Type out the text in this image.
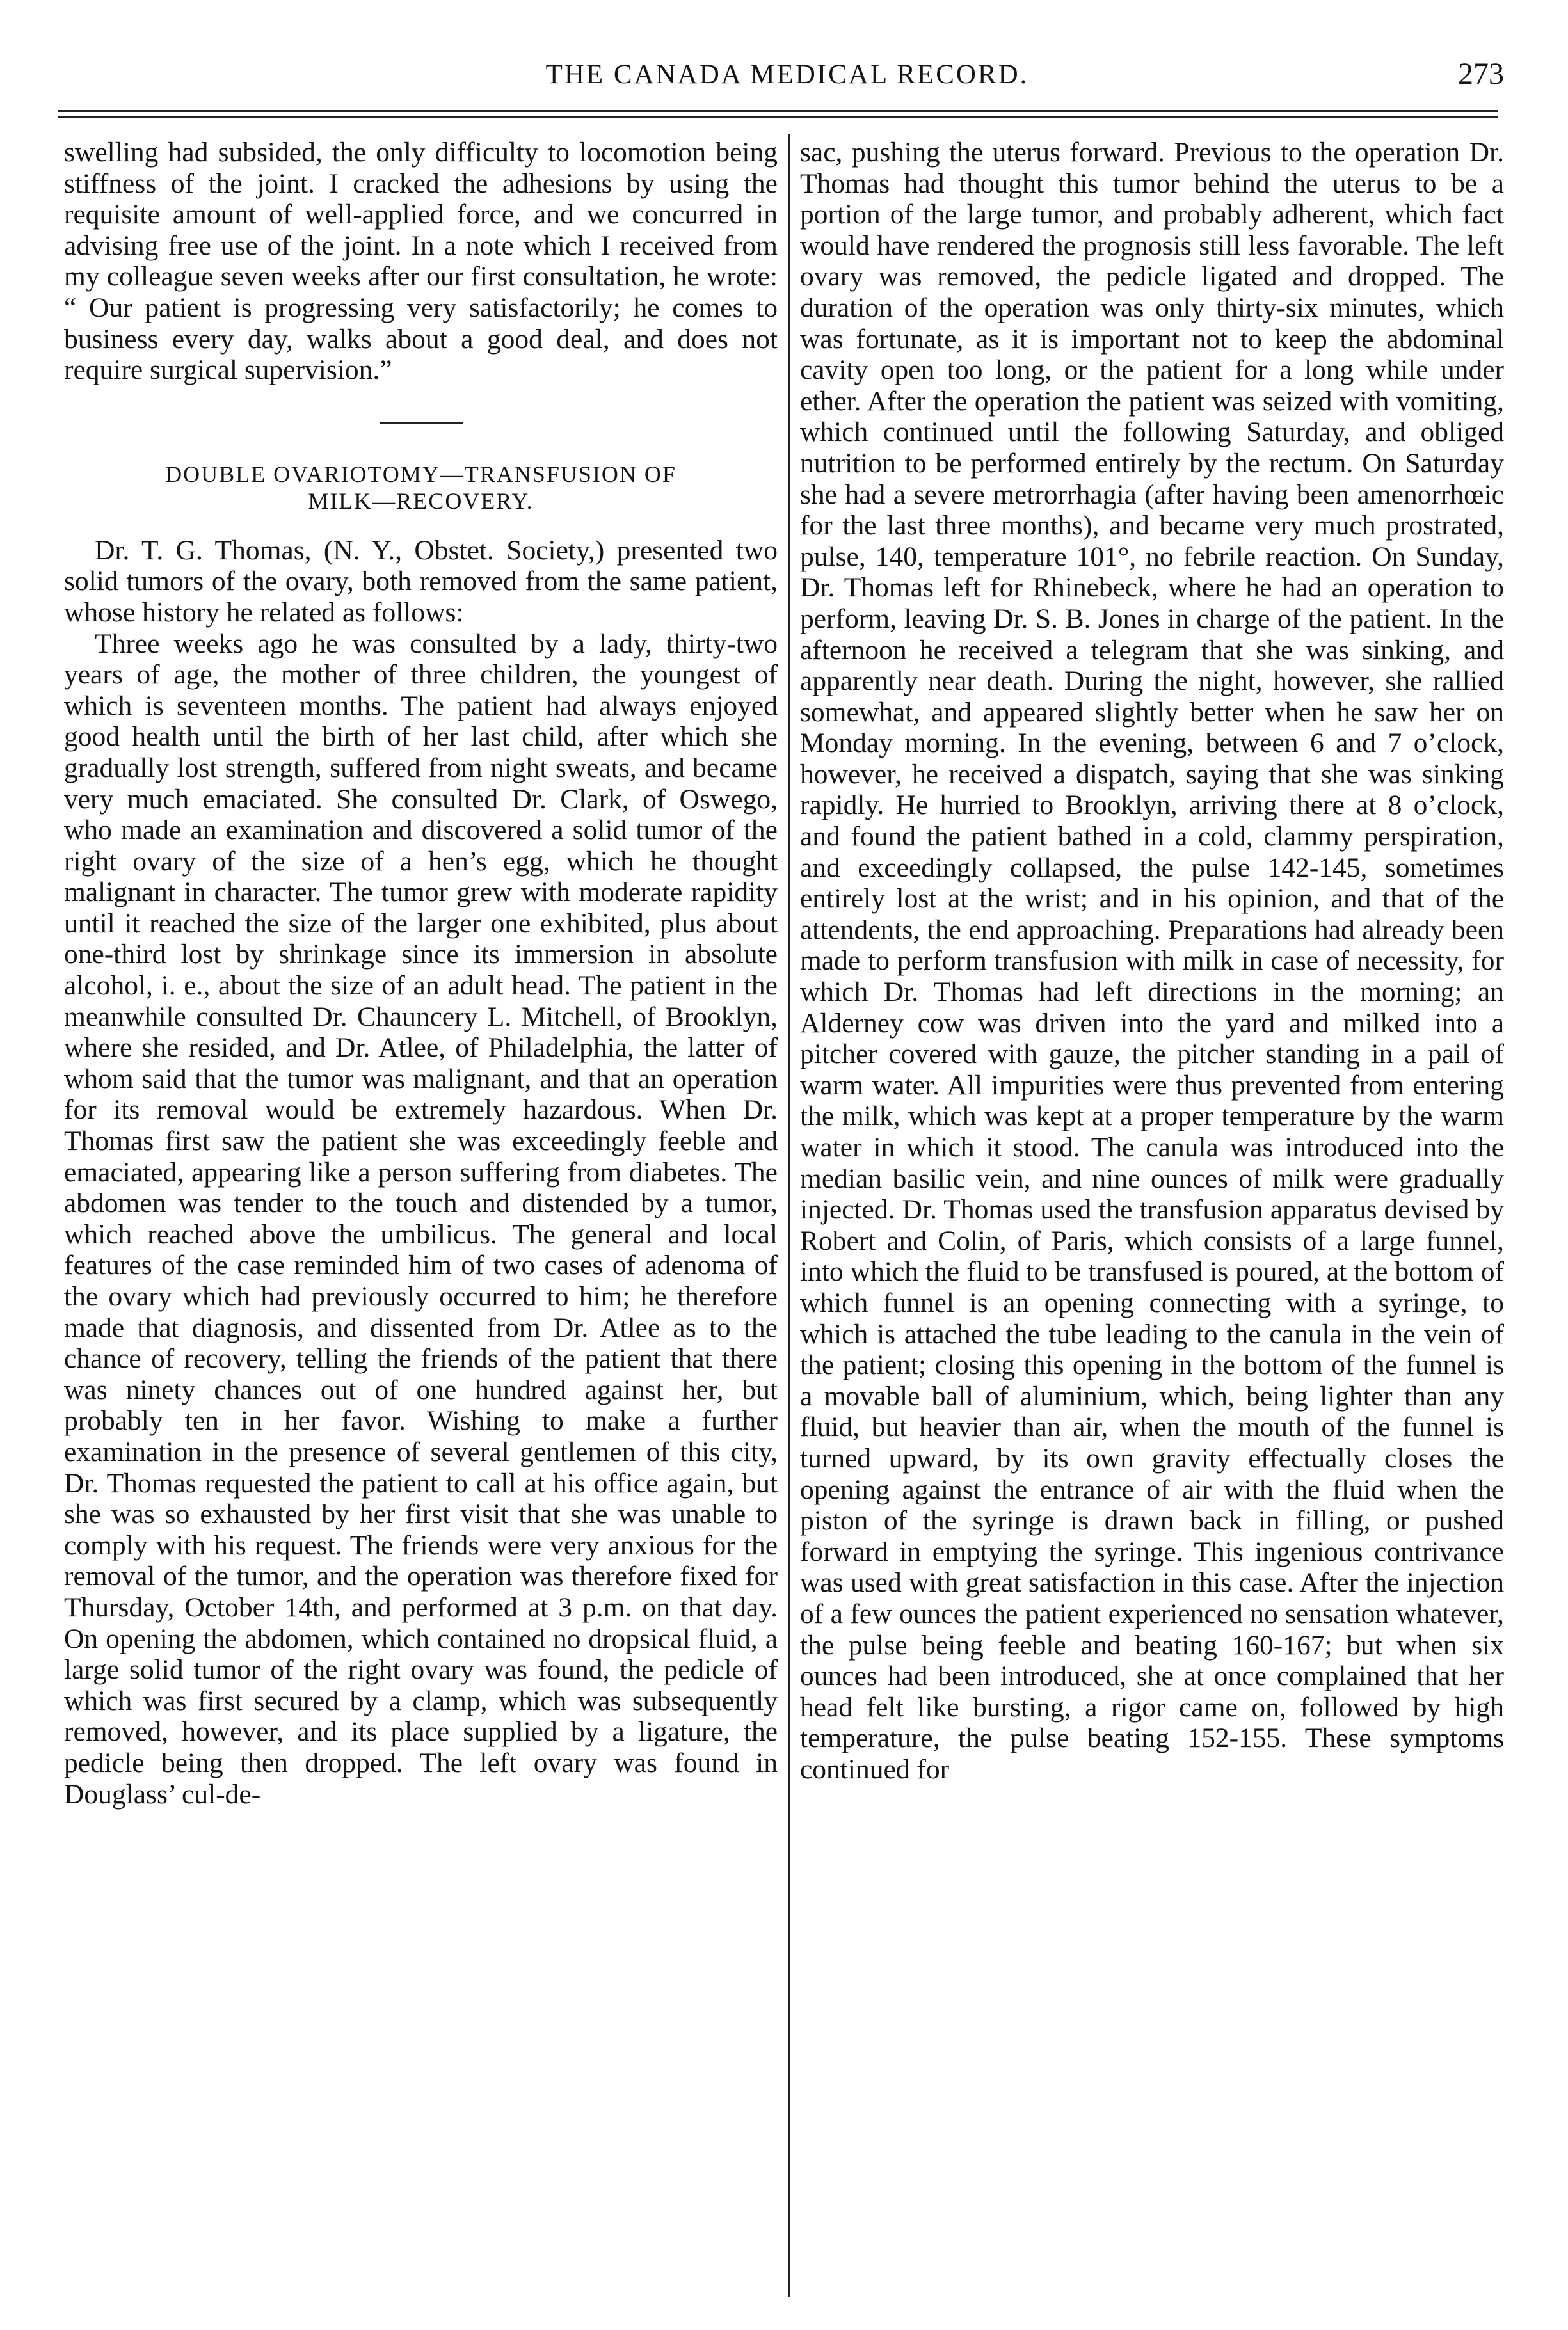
THE CANADA MEDICAL RECORD.	273

swelling had subsided, the only difficulty to locomotion being stiffness of the joint. I cracked the adhesions by using the requisite amount of well-applied force, and we concurred in advising free use of the joint. In a note which I received from my colleague seven weeks after our first consultation, he wrote: “ Our patient is progressing very satisfactorily; he comes to business every day, walks about a good deal, and does not require surgical supervision.”

DOUBLE OVARIOTOMY—TRANSFUSION OF
MILK—RECOVERY.

Dr. T. G. Thomas, (N. Y., Obstet. Society,) presented two solid tumors of the ovary, both removed from the same patient, whose history he related as follows:

Three weeks ago he was consulted by a lady, thirty-two years of age, the mother of three children, the youngest of which is seventeen months. The patient had always enjoyed good health until the birth of her last child, after which she gradually lost strength, suffered from night sweats, and became very much emaciated. She consulted Dr. Clark, of Oswego, who made an examination and discovered a solid tumor of the right ovary of the size of a hen’s egg, which he thought malignant in character. The tumor grew with moderate rapidity until it reached the size of the larger one exhibited, plus about one-third lost by shrinkage since its immersion in absolute alcohol, i. e., about the size of an adult head. The patient in the meanwhile consulted Dr. Chauncery L. Mitchell, of Brooklyn, where she resided, and Dr. Atlee, of Philadelphia, the latter of whom said that the tumor was malignant, and that an operation for its removal would be extremely hazardous. When Dr. Thomas first saw the patient she was exceedingly feeble and emaciated, appearing like a person suffering from diabetes. The abdomen was tender to the touch and distended by a tumor, which reached above the umbilicus. The general and local features of the case reminded him of two cases of adenoma of the ovary which had previously occurred to him; he therefore made that diagnosis, and dissented from Dr. Atlee as to the chance of recovery, telling the friends of the patient that there was ninety chances out of one hundred against her, but probably ten in her favor. Wishing to make a further examination in the presence of several gentlemen of this city, Dr. Thomas requested the patient to call at his office again, but she was so exhausted by her first visit that she was unable to comply with his request. The friends were very anxious for the removal of the tumor, and the operation was therefore fixed for Thursday, October 14th, and performed at 3 p.m. on that day. On opening the abdomen, which contained no dropsical fluid, a large solid tumor of the right ovary was found, the pedicle of which was first secured by a clamp, which was subsequently removed, however, and its place supplied by a ligature, the pedicle being then dropped. The left ovary was found in Douglass’ cul-de-

sac, pushing the uterus forward. Previous to the operation Dr. Thomas had thought this tumor behind the uterus to be a portion of the large tumor, and probably adherent, which fact would have rendered the prognosis still less favorable. The left ovary was removed, the pedicle ligated and dropped. The duration of the operation was only thirty-six minutes, which was fortunate, as it is important not to keep the abdominal cavity open too long, or the patient for a long while under ether. After the operation the patient was seized with vomiting, which continued until the following Saturday, and obliged nutrition to be performed entirely by the rectum. On Saturday she had a severe metrorrhagia (after having been amenorrhœic for the last three months), and became very much prostrated, pulse, 140, temperature 101°, no febrile reaction. On Sunday, Dr. Thomas left for Rhinebeck, where he had an operation to perform, leaving Dr. S. B. Jones in charge of the patient. In the afternoon he received a telegram that she was sinking, and apparently near death. During the night, however, she rallied somewhat, and appeared slightly better when he saw her on Monday morning. In the evening, between 6 and 7 o’clock, however, he received a dispatch, saying that she was sinking rapidly. He hurried to Brooklyn, arriving there at 8 o’clock, and found the patient bathed in a cold, clammy perspiration, and exceedingly collapsed, the pulse 142-145, sometimes entirely lost at the wrist; and in his opinion, and that of the attendents, the end approaching. Preparations had already been made to perform transfusion with milk in case of necessity, for which Dr. Thomas had left directions in the morning; an Alderney cow was driven into the yard and milked into a pitcher covered with gauze, the pitcher standing in a pail of warm water. All impurities were thus prevented from entering the milk, which was kept at a proper temperature by the warm water in which it stood. The canula was introduced into the median basilic vein, and nine ounces of milk were gradually injected. Dr. Thomas used the transfusion apparatus devised by Robert and Colin, of Paris, which consists of a large funnel, into which the fluid to be transfused is poured, at the bottom of which funnel is an opening connecting with a syringe, to which is attached the tube leading to the canula in the vein of the patient; closing this opening in the bottom of the funnel is a movable ball of aluminium, which, being lighter than any fluid, but heavier than air, when the mouth of the funnel is turned upward, by its own gravity effectually closes the opening against the entrance of air with the fluid when the piston of the syringe is drawn back in filling, or pushed forward in emptying the syringe. This ingenious contrivance was used with great satisfaction in this case. After the injection of a few ounces the patient experienced no sensation whatever, the pulse being feeble and beating 160-167; but when six ounces had been introduced, she at once complained that her head felt like bursting, a rigor came on, followed by high temperature, the pulse beating 152-155. These symptoms continued for
